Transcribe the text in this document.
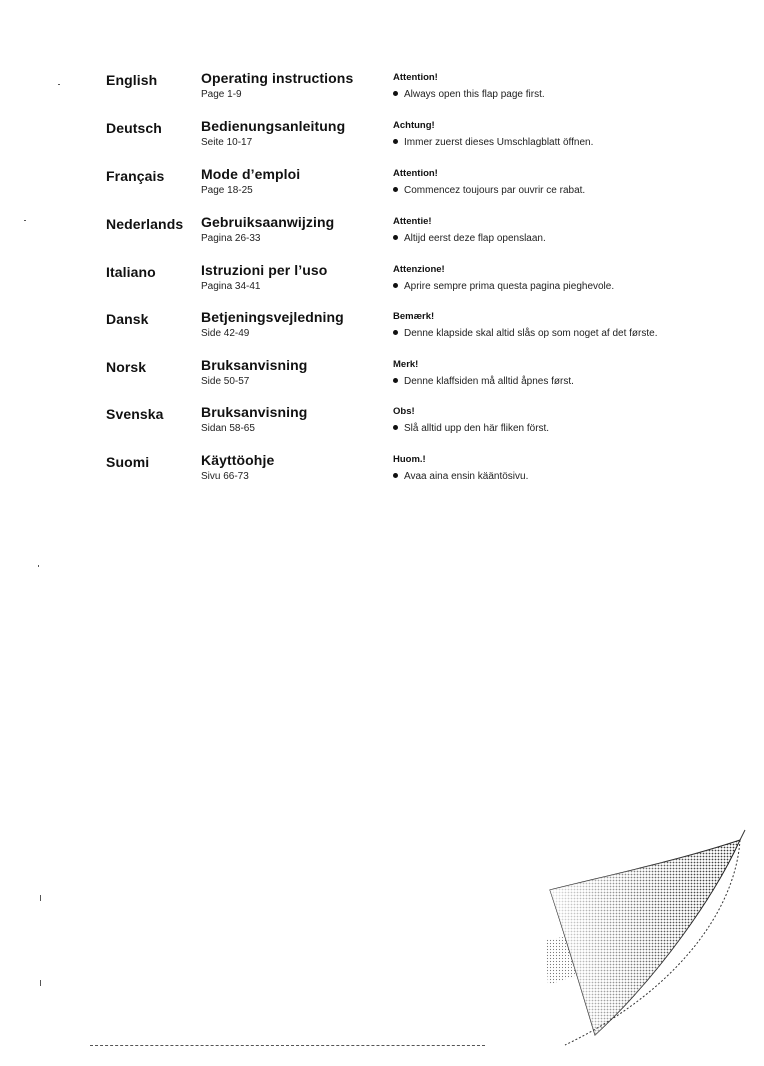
English	Operating instructions
Page 1-9
Attention!
Always open this flap page first.
Deutsch	Bedienungsanleitung
Seite 10-17
Achtung!
Immer zuerst dieses Umschlagblatt öffnen.
Français	Mode d’emploi
Page 18-25
Attention!
Commencez toujours par ouvrir ce rabat.
Nederlands Gebruiksaanwijzing
Pagina 26-33
Attentie!
Altijd eerst deze flap openslaan.
Italiano	Istruzioni per l’uso
Pagina 34-41
Attenzione!
Aprire sempre prima questa pagina pieghevole.
Dansk	Betjeningsvejledning
Side 42-49
Bemærk!
Denne klapside skal altid slås op som noget af det første.
Norsk	Bruksanvisning
Side 50-57
Merk!
Denne klaffsiden må alltid åpnes først.
Svenska	Bruksanvisning
Sidan 58-65
Obs!
Slå alltid upp den här fliken först.
Suomi	Käyttöohje
Sivu 66-73
Huom.!
Avaa aina ensin kääntösivu.
